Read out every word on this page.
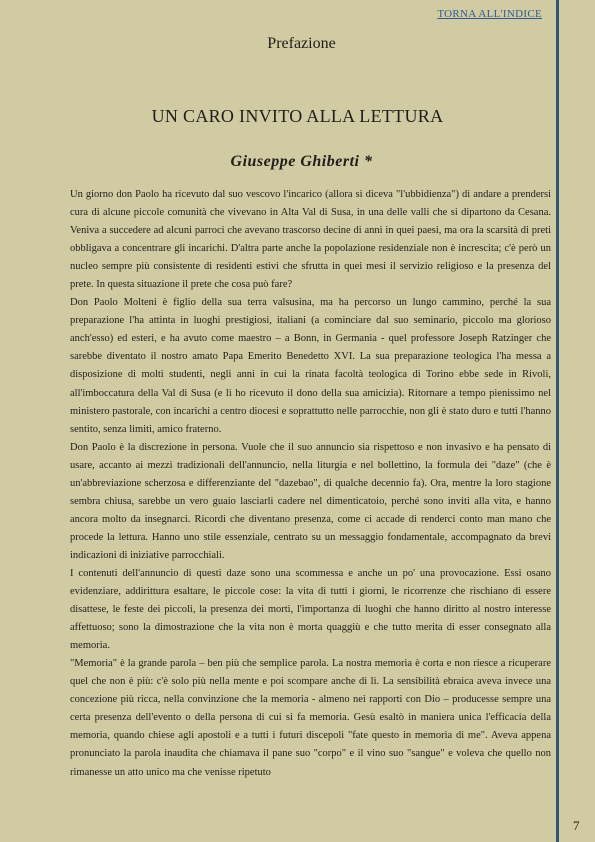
TORNA ALL'INDICE
Prefazione
UN CARO INVITO ALLA LETTURA
Giuseppe Ghiberti *

Un giorno don Paolo ha ricevuto dal suo vescovo l'incarico (allora si diceva "l'ubbidienza") di andare a prendersi cura di alcune piccole comunità che vivevano in Alta Val di Susa, in una delle valli che si dipartono da Cesana. Veniva a succedere ad alcuni parroci che avevano trascorso decine di anni in quei paesi, ma ora la scarsità di preti obbligava a concentrare gli incarichi. D'altra parte anche la popolazione residenziale non è increscita; c'è però un nucleo sempre più consistente di residenti estivi che sfrutta in quei mesi il servizio religioso e la presenza del prete. In questa situazione il prete che cosa può fare?

Don Paolo Molteni è figlio della sua terra valsusina, ma ha percorso un lungo cammino, perché la sua preparazione l'ha attinta in luoghi prestigiosi, italiani (a cominciare dal suo seminario, piccolo ma glorioso anch'esso) ed esteri, e ha avuto come maestro – a Bonn, in Germania - quel professore Joseph Ratzinger che sarebbe diventato il nostro amato Papa Emerito Benedetto XVI. La sua preparazione teologica l'ha messa a disposizione di molti studenti, negli anni in cui la rinata facoltà teologica di Torino ebbe sede in Rivoli, all'imboccatura della Val di Susa (e lì ho ricevuto il dono della sua amicizia). Ritornare a tempo pienissimo nel ministero pastorale, con incarichi a centro diocesi e soprattutto nelle parrocchie, non gli è stato duro e tutti l'hanno sentito, senza limiti, amico fraterno.

Don Paolo è la discrezione in persona. Vuole che il suo annuncio sia rispettoso e non invasivo e ha pensato di usare, accanto ai mezzi tradizionali dell'annuncio, nella liturgia e nel bollettino, la formula dei "daze" (che è un'abbreviazione scherzosa e differenziante del "dazebao", di qualche decennio fa). Ora, mentre la loro stagione sembra chiusa, sarebbe un vero guaio lasciarli cadere nel dimenticatoio, perché sono inviti alla vita, e hanno ancora molto da insegnarci. Ricordi che diventano presenza, come ci accade di renderci conto man mano che procede la lettura. Hanno uno stile essenziale, centrato su un messaggio fondamentale, accompagnato da brevi indicazioni di iniziative parrocchiali.

I contenuti dell'annuncio di questi daze sono una scommessa e anche un po' una provocazione. Essi osano evidenziare, addirittura esaltare, le piccole cose: la vita di tutti i giorni, le ricorrenze che rischiano di essere disattese, le feste dei piccoli, la presenza dei morti, l'importanza di luoghi che hanno diritto al nostro interesse affettuoso; sono la dimostrazione che la vita non è morta quaggiù e che tutto merita di esser consegnato alla memoria.

"Memoria" è la grande parola – ben più che semplice parola. La nostra memoria è corta e non riesce a ricuperare quel che non è più: c'è solo più nella mente e poi scompare anche di lì. La sensibilità ebraica aveva invece una concezione più ricca, nella convinzione che la memoria - almeno nei rapporti con Dio – producesse sempre una certa presenza dell'evento o della persona di cui si fa memoria. Gesù esaltò in maniera unica l'efficacia della memoria, quando chiese agli apostoli e a tutti i futuri discepoli "fate questo in memoria di me". Aveva appena pronunciato la parola inaudita che chiamava il pane suo "corpo" e il vino suo "sangue" e voleva che quello non rimanesse un atto unico ma che venisse ripetuto

7
